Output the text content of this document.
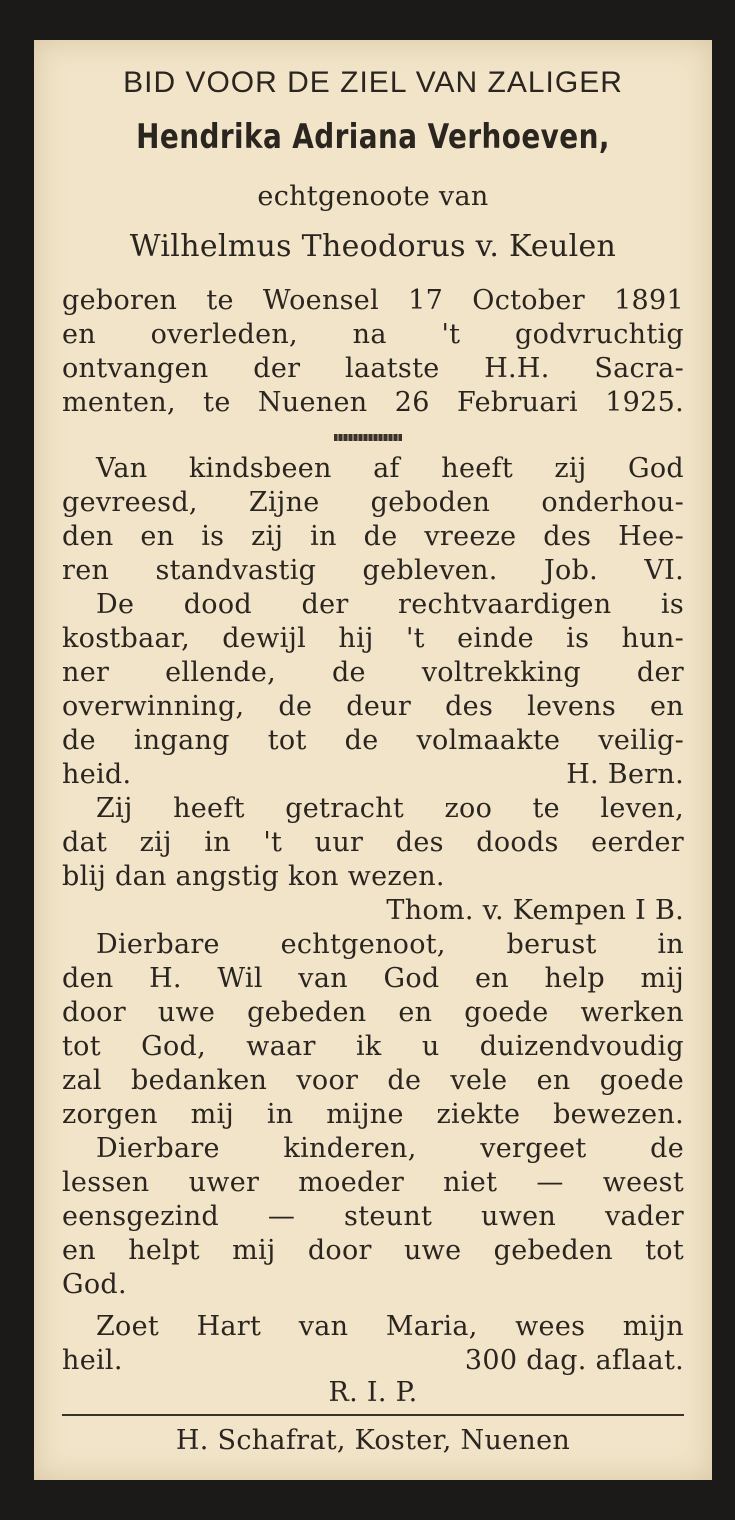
BID VOOR DE ZIEL VAN ZALIGER
Hendrika Adriana Verhoeven,
echtgenoote van
Wilhelmus Theodorus v. Keulen
geboren te Woensel 17 October 1891
en overleden, na 't godvruchtig
ontvangen der laatste H.H. Sacra-
menten, te Nuenen 26 Februari 1925.
Van kindsbeen af heeft zij God
gevreesd, Zijne geboden onderhou-
den en is zij in de vreeze des Hee-
ren standvastig gebleven. Job. VI.
De dood der rechtvaardigen is
kostbaar, dewijl hij 't einde is hun-
ner ellende, de voltrekking der
overwinning, de deur des levens en
de ingang tot de volmaakte veilig-
heid.	H. Bern.
Zij heeft getracht zoo te leven,
dat zij in 't uur des doods eerder
blij dan angstig kon wezen.
Thom. v. Kempen I B.
Dierbare echtgenoot, berust in
den H. Wil van God en help mij
door uwe gebeden en goede werken
tot God, waar ik u duizendvoudig
zal bedanken voor de vele en goede
zorgen mij in mijne ziekte bewezen.
Dierbare kinderen, vergeet de
lessen uwer moeder niet — weest
eensgezind — steunt uwen vader
en helpt mij door uwe gebeden tot
God.
Zoet Hart van Maria, wees mijn
heil.	300 dag. aflaat.
R. I. P.
H. Schafrat, Koster, Nuenen
